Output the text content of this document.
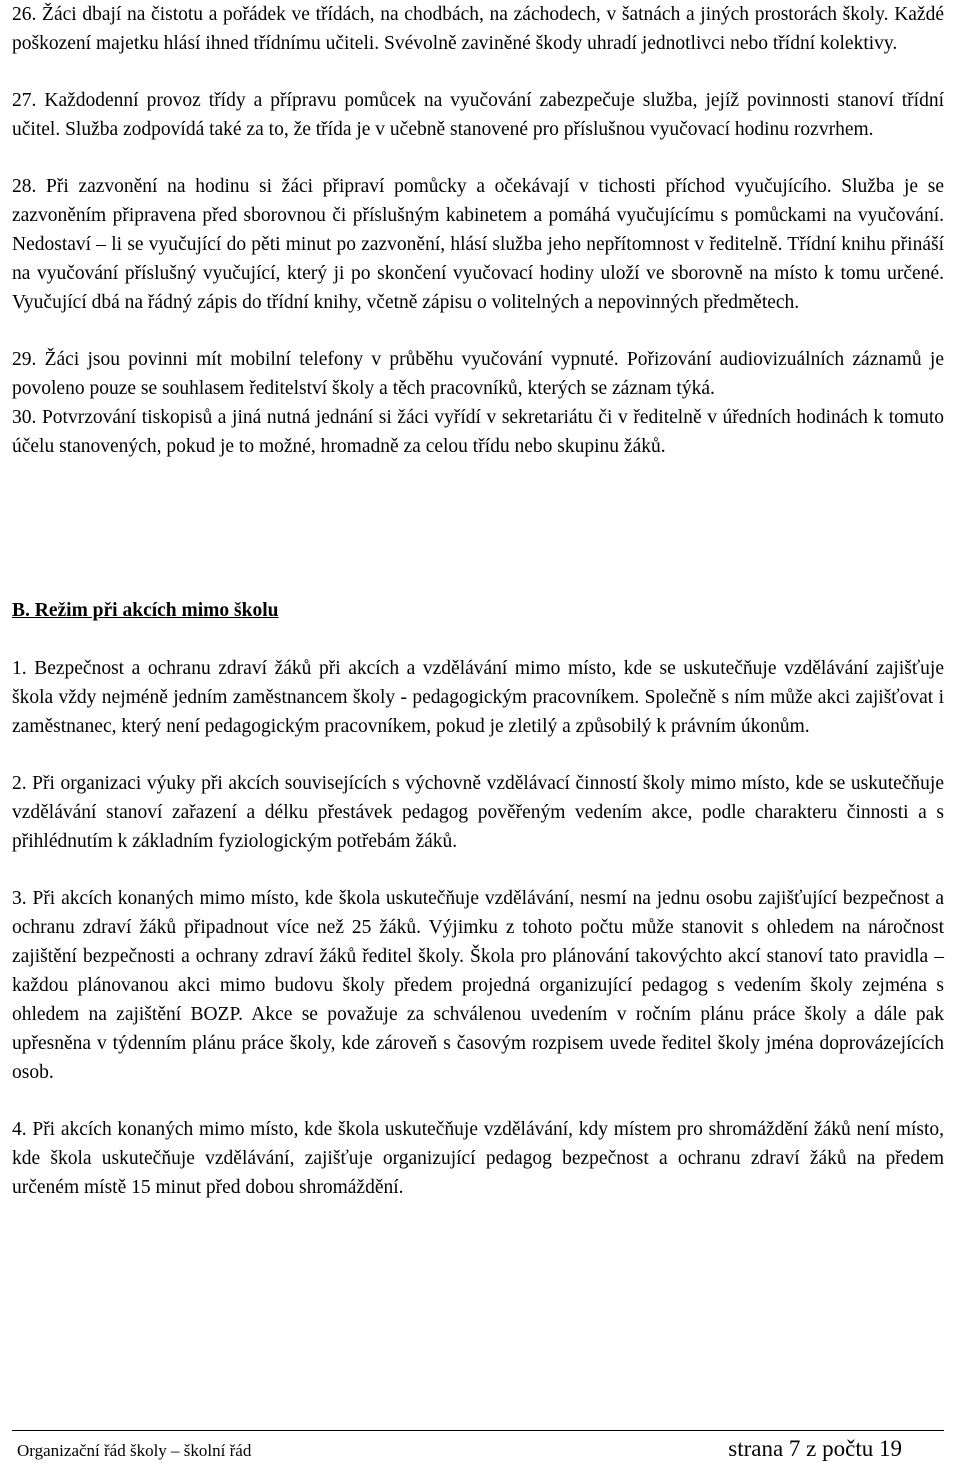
26. Žáci dbají na čistotu a pořádek ve třídách, na chodbách, na záchodech, v šatnách a jiných prostorách školy. Každé poškození majetku hlásí ihned třídnímu učiteli. Svévolně zaviněné škody uhradí jednotlivci nebo třídní kolektivy.

27. Každodenní provoz třídy a přípravu pomůcek na vyučování zabezpečuje služba, jejíž povinnosti stanoví třídní učitel. Služba zodpovídá také za to, že třída je v učebně stanovené pro příslušnou vyučovací hodinu rozvrhem.

28. Při zazvonění na hodinu si žáci připraví pomůcky a očekávají v tichosti příchod vyučujícího. Služba je se zazvoněním připravena před sborovnou či příslušným kabinetem a pomáhá vyučujícímu s pomůckami na vyučování. Nedostaví – li se vyučující do pěti minut po zazvonění, hlásí služba jeho nepřítomnost v ředitelně. Třídní knihu přináší na vyučování příslušný vyučující, který ji po skončení vyučovací hodiny uloží ve sborovně na místo k tomu určené. Vyučující dbá na řádný zápis do třídní knihy, včetně zápisu o volitelných a nepovinných předmětech.

29. Žáci jsou povinni mít mobilní telefony v průběhu vyučování vypnuté. Pořizování audiovizuálních záznamů je povoleno pouze se souhlasem ředitelství školy a těch pracovníků, kterých se záznam týká.

30. Potvrzování tiskopisů a jiná nutná jednání si žáci vyřídí v sekretariátu či v ředitelně v úředních hodinách k tomuto účelu stanovených, pokud je to možné, hromadně za celou třídu nebo skupinu žáků.

B. Režim při akcích mimo školu

1. Bezpečnost a ochranu zdraví žáků při akcích a vzdělávání mimo místo, kde se uskutečňuje vzdělávání zajišťuje škola vždy nejméně jedním zaměstnancem školy - pedagogickým pracovníkem. Společně s ním může akci zajišťovat i zaměstnanec, který není pedagogickým pracovníkem, pokud je zletilý a způsobilý k právním úkonům.

2. Při organizaci výuky při akcích souvisejících s výchovně vzdělávací činností školy mimo místo, kde se uskutečňuje vzdělávání stanoví zařazení a délku přestávek pedagog pověřeným vedením akce, podle charakteru činnosti a s přihlédnutím k základním fyziologickým potřebám žáků.

3. Při akcích konaných mimo místo, kde škola uskutečňuje vzdělávání, nesmí na jednu osobu zajišťující bezpečnost a ochranu zdraví žáků připadnout více než 25 žáků. Výjimku z tohoto počtu může stanovit s ohledem na náročnost zajištění bezpečnosti a ochrany zdraví žáků ředitel školy. Škola pro plánování takovýchto akcí stanoví tato pravidla – každou plánovanou akci mimo budovu školy předem projedná organizující pedagog s vedením školy zejména s ohledem na zajištění BOZP. Akce se považuje za schválenou uvedením v ročním plánu práce školy a dále pak upřesněna v týdenním plánu práce školy, kde zároveň s časovým rozpisem uvede ředitel školy jména doprovázejících osob.

4. Při akcích konaných mimo místo, kde škola uskutečňuje vzdělávání, kdy místem pro shromáždění žáků není místo, kde škola uskutečňuje vzdělávání, zajišťuje organizující pedagog bezpečnost a ochranu zdraví žáků na předem určeném místě 15 minut před dobou shromáždění.

Organizační řád školy – školní řád	strana 7 z počtu 19
